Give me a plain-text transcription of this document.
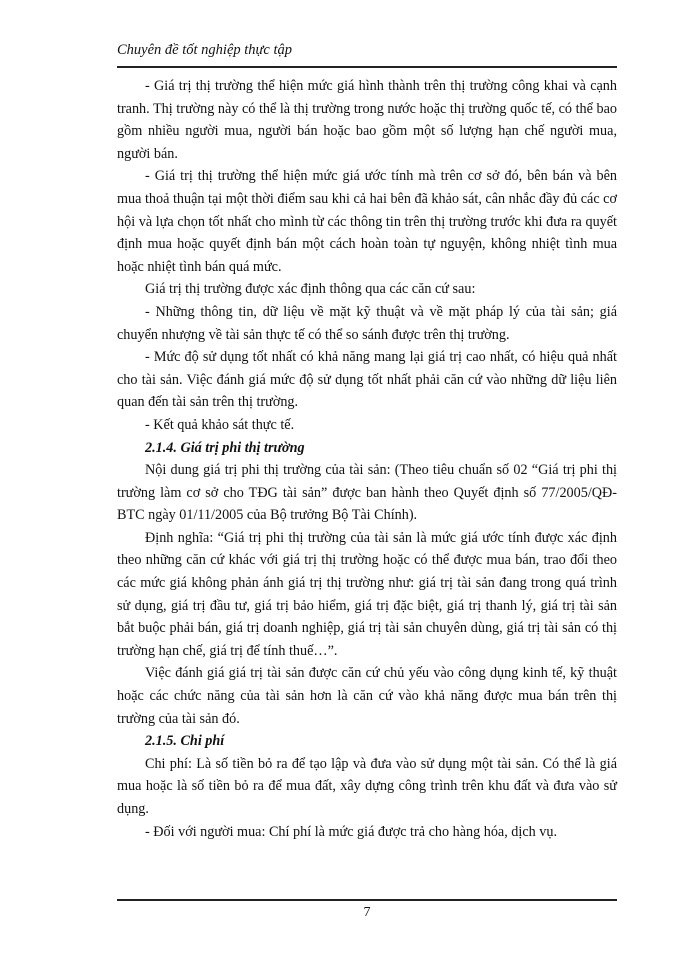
Chuyên đề tốt nghiệp thực tập

- Giá trị thị trường thể hiện mức giá hình thành trên thị trường công khai và cạnh tranh. Thị trường này có thể là thị trường trong nước hoặc thị trường quốc tế, có thể bao gồm nhiều người mua, người bán hoặc bao gồm một số lượng hạn chế người mua, người bán.

- Giá trị thị trường thể hiện mức giá ước tính mà trên cơ sở đó, bên bán và bên mua thoả thuận tại một thời điểm sau khi cả hai bên đã khảo sát, cân nhắc đầy đủ các cơ hội và lựa chọn tốt nhất cho mình từ các thông tin trên thị trường trước khi đưa ra quyết định mua hoặc quyết định bán một cách hoàn toàn tự nguyện, không nhiệt tình mua hoặc nhiệt tình bán quá mức.

Giá trị thị trường được xác định thông qua các căn cứ sau:

- Những thông tin, dữ liệu về mặt kỹ thuật và về mặt pháp lý của tài sản; giá chuyển nhượng về tài sản thực tế có thể so sánh được trên thị trường.

- Mức độ sử dụng tốt nhất có khả năng mang lại giá trị cao nhất, có hiệu quả nhất cho tài sản. Việc đánh giá mức độ sử dụng tốt nhất phải căn cứ vào những dữ liệu liên quan đến tài sản trên thị trường.

- Kết quả khảo sát thực tế.

2.1.4. Giá trị phi thị trường

Nội dung giá trị phi thị trường của tài sản: (Theo tiêu chuẩn số 02 “Giá trị phi thị trường làm cơ sở cho TĐG tài sản” được ban hành theo Quyết định số 77/2005/QĐ-BTC ngày 01/11/2005 của Bộ trưởng Bộ Tài Chính).

Định nghĩa: “Giá trị phi thị trường của tài sản là mức giá ước tính được xác định theo những căn cứ khác với giá trị thị trường hoặc có thể được mua bán, trao đổi theo các mức giá không phản ánh giá trị thị trường như: giá trị tài sản đang trong quá trình sử dụng, giá trị đầu tư, giá trị bảo hiểm, giá trị đặc biệt, giá trị thanh lý, giá trị tài sản bắt buộc phải bán, giá trị doanh nghiệp, giá trị tài sản chuyên dùng, giá trị tài sản có thị trường hạn chế, giá trị để tính thuế…”.

Việc đánh giá giá trị tài sản được căn cứ chủ yếu vào công dụng kinh tế, kỹ thuật hoặc các chức năng của tài sản hơn là căn cứ vào khả năng được mua bán trên thị trường của tài sản đó.

2.1.5. Chi phí

Chi phí: Là số tiền bỏ ra để tạo lập và đưa vào sử dụng một tài sản. Có thể là giá mua hoặc là số tiền bỏ ra để mua đất, xây dựng công trình trên khu đất và đưa vào sử dụng.

- Đối với người mua: Chí phí là mức giá được trả cho hàng hóa, dịch vụ.

7
